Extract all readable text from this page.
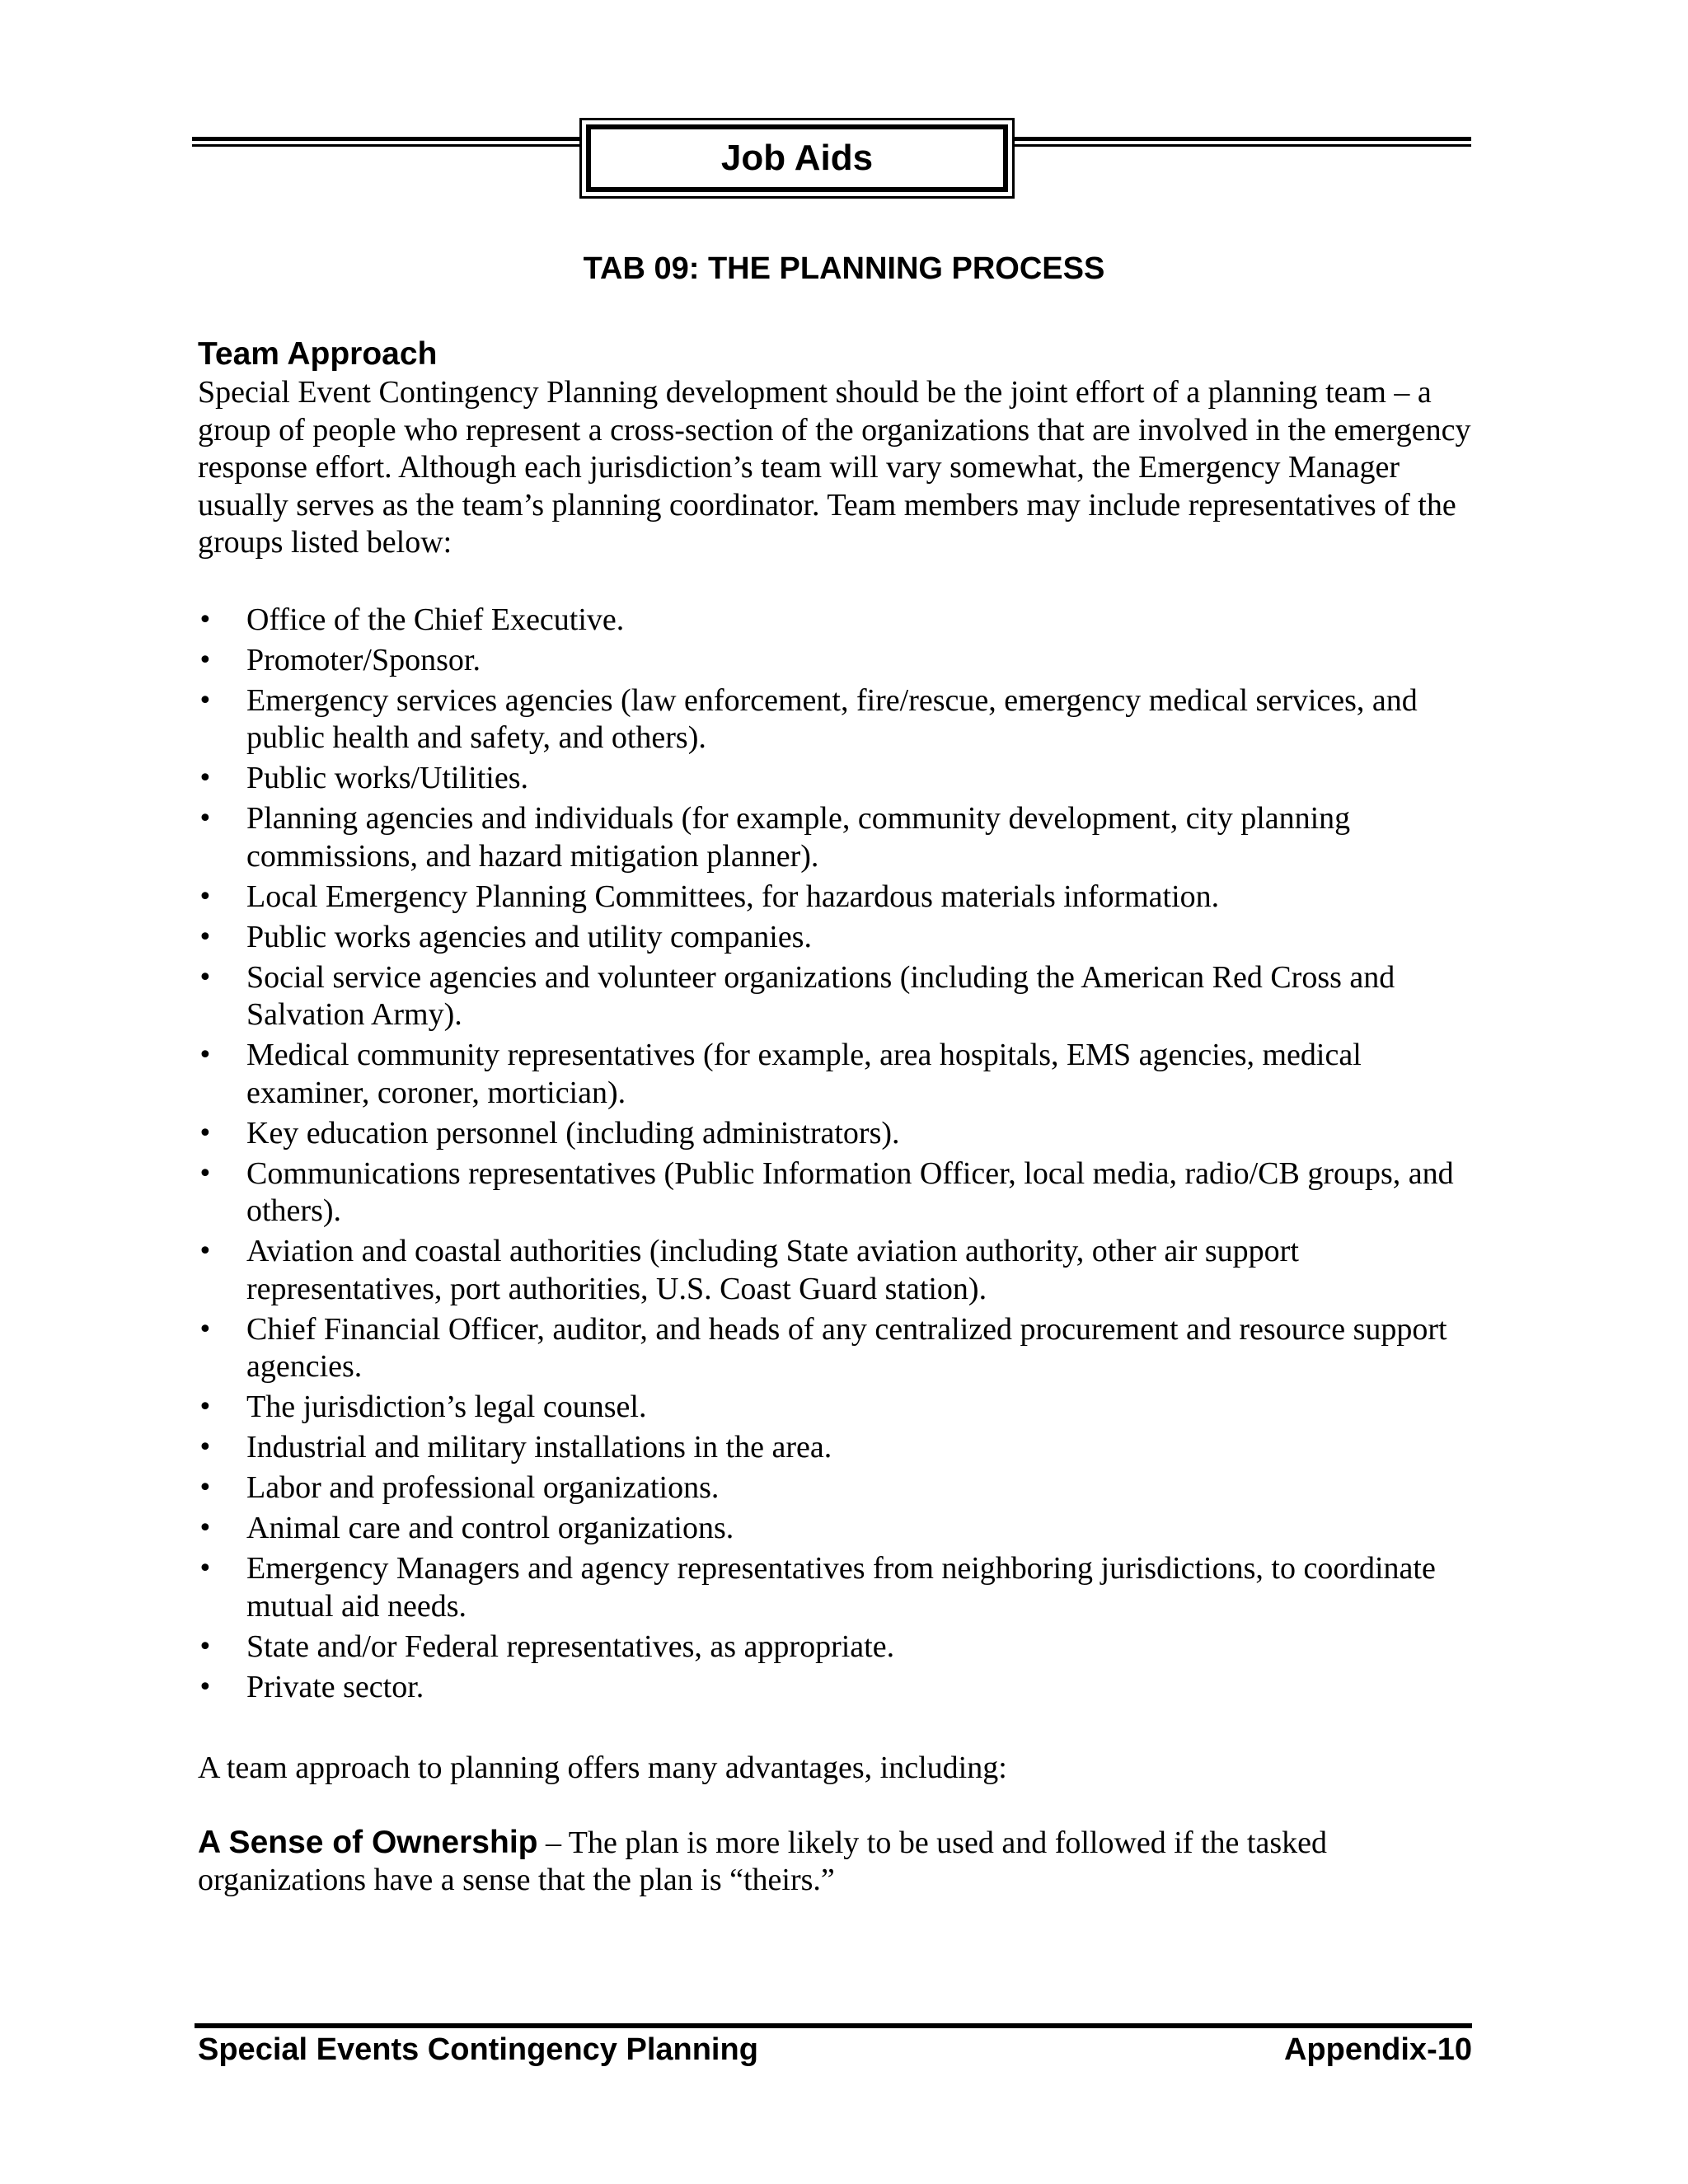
Job Aids
TAB 09: THE PLANNING PROCESS
Team Approach

Special Event Contingency Planning development should be the joint effort of a planning team – a group of people who represent a cross-section of the organizations that are involved in the emergency response effort. Although each jurisdiction’s team will vary somewhat, the Emergency Manager usually serves as the team’s planning coordinator. Team members may include representatives of the groups listed below:

• Office of the Chief Executive.
• Promoter/Sponsor.
• Emergency services agencies (law enforcement, fire/rescue, emergency medical services, and public health and safety, and others).
• Public works/Utilities.
• Planning agencies and individuals (for example, community development, city planning commissions, and hazard mitigation planner).
• Local Emergency Planning Committees, for hazardous materials information.
• Public works agencies and utility companies.
• Social service agencies and volunteer organizations (including the American Red Cross and Salvation Army).
• Medical community representatives (for example, area hospitals, EMS agencies, medical examiner, coroner, mortician).
• Key education personnel (including administrators).
• Communications representatives (Public Information Officer, local media, radio/CB groups, and others).
• Aviation and coastal authorities (including State aviation authority, other air support representatives, port authorities, U.S. Coast Guard station).
• Chief Financial Officer, auditor, and heads of any centralized procurement and resource support agencies.
• The jurisdiction’s legal counsel.
• Industrial and military installations in the area.
• Labor and professional organizations.
• Animal care and control organizations.
• Emergency Managers and agency representatives from neighboring jurisdictions, to coordinate mutual aid needs.
• State and/or Federal representatives, as appropriate.
• Private sector.

A team approach to planning offers many advantages, including:

A Sense of Ownership – The plan is more likely to be used and followed if the tasked organizations have a sense that the plan is “theirs.”

Special Events Contingency Planning	Appendix-10
